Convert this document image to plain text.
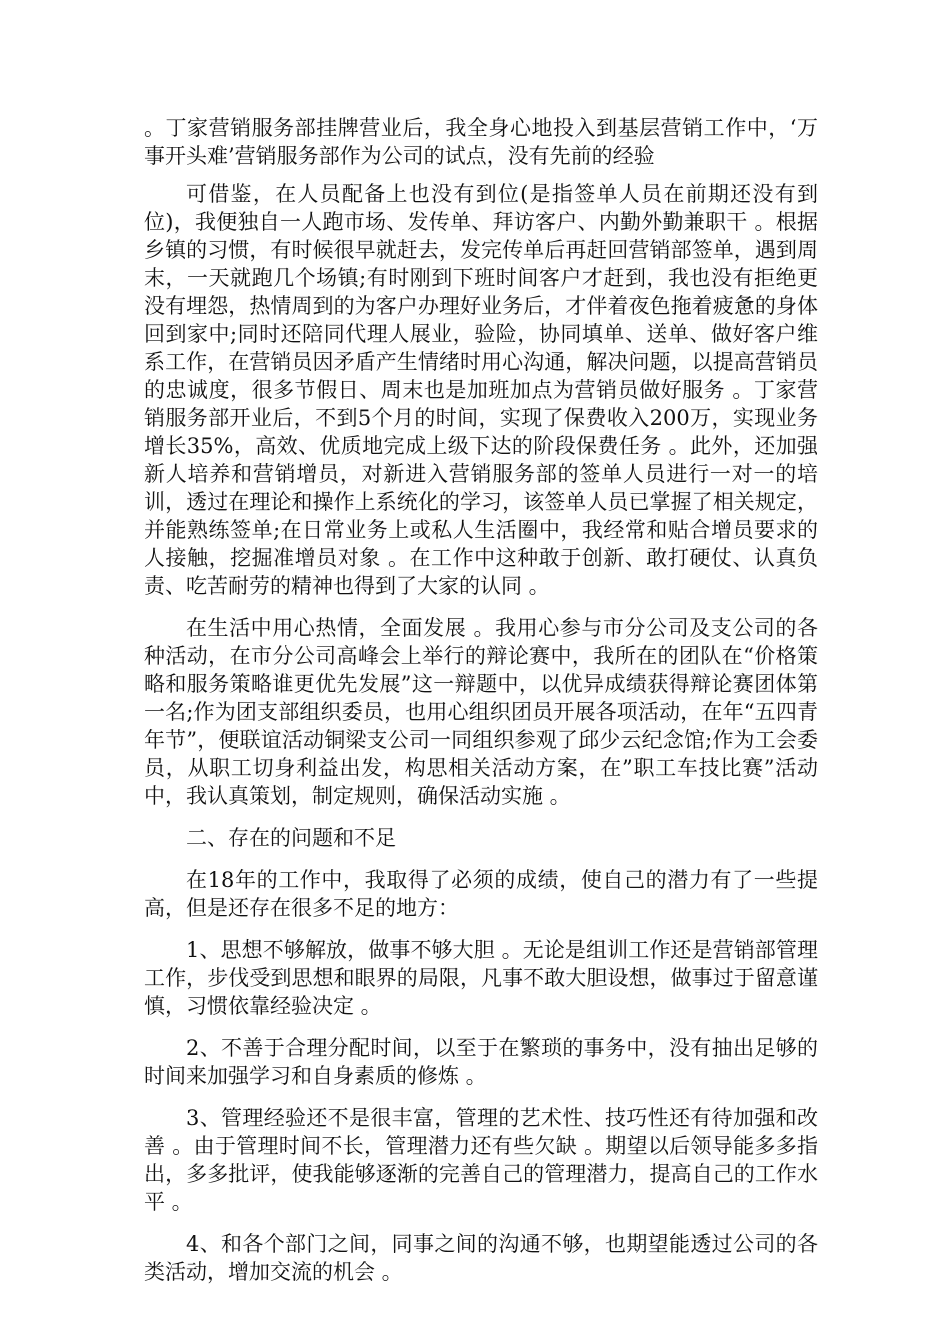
。丁家营销服务部挂牌营业后，我全身心地投入到基层营销工作中，‘万事开头难’营销服务部作为公司的试点，没有先前的经验

可借鉴，在人员配备上也没有到位(是指签单人员在前期还没有到位)，我便独自一人跑市场、发传单、拜访客户、内勤外勤兼职干 。根据乡镇的习惯，有时候很早就赶去，发完传单后再赶回营销部签单，遇到周末，一天就跑几个场镇;有时刚到下班时间客户才赶到，我也没有拒绝更没有埋怨，热情周到的为客户办理好业务后，才伴着夜色拖着疲惫的身体回到家中;同时还陪同代理人展业，验险，协同填单、送单、做好客户维系工作，在营销员因矛盾产生情绪时用心沟通，解决问题，以提高营销员的忠诚度，很多节假日、周末也是加班加点为营销员做好服务 。丁家营销服务部开业后，不到5个月的时间，实现了保费收入200万，实现业务增长35%，高效、优质地完成上级下达的阶段保费任务 。此外，还加强新人培养和营销增员，对新进入营销服务部的签单人员进行一对一的培训，透过在理论和操作上系统化的学习，该签单人员已掌握了相关规定，并能熟练签单;在日常业务上或私人生活圈中，我经常和贴合增员要求的人接触，挖掘准增员对象 。在工作中这种敢于创新、敢打硬仗、认真负责、吃苦耐劳的精神也得到了大家的认同 。

在生活中用心热情，全面发展 。我用心参与市分公司及支公司的各种活动，在市分公司高峰会上举行的辩论赛中，我所在的团队在“价格策略和服务策略谁更优先发展”这一辩题中，以优异成绩获得辩论赛团体第一名;作为团支部组织委员，也用心组织团员开展各项活动，在年“五四青年节”，便联谊活动铜梁支公司一同组织参观了邱少云纪念馆;作为工会委员，从职工切身利益出发，构思相关活动方案，在”职工车技比赛”活动中，我认真策划，制定规则，确保活动实施 。

二、存在的问题和不足

在18年的工作中，我取得了必须的成绩，使自己的潜力有了一些提高，但是还存在很多不足的地方：

1、思想不够解放，做事不够大胆 。无论是组训工作还是营销部管理工作，步伐受到思想和眼界的局限，凡事不敢大胆设想，做事过于留意谨慎，习惯依靠经验决定 。

2、不善于合理分配时间，以至于在繁琐的事务中，没有抽出足够的时间来加强学习和自身素质的修炼 。

3、管理经验还不是很丰富，管理的艺术性、技巧性还有待加强和改善 。由于管理时间不长，管理潜力还有些欠缺 。期望以后领导能多多指出，多多批评，使我能够逐渐的完善自己的管理潜力，提高自己的工作水平 。

4、和各个部门之间，同事之间的沟通不够，也期望能透过公司的各类活动，增加交流的机会 。
